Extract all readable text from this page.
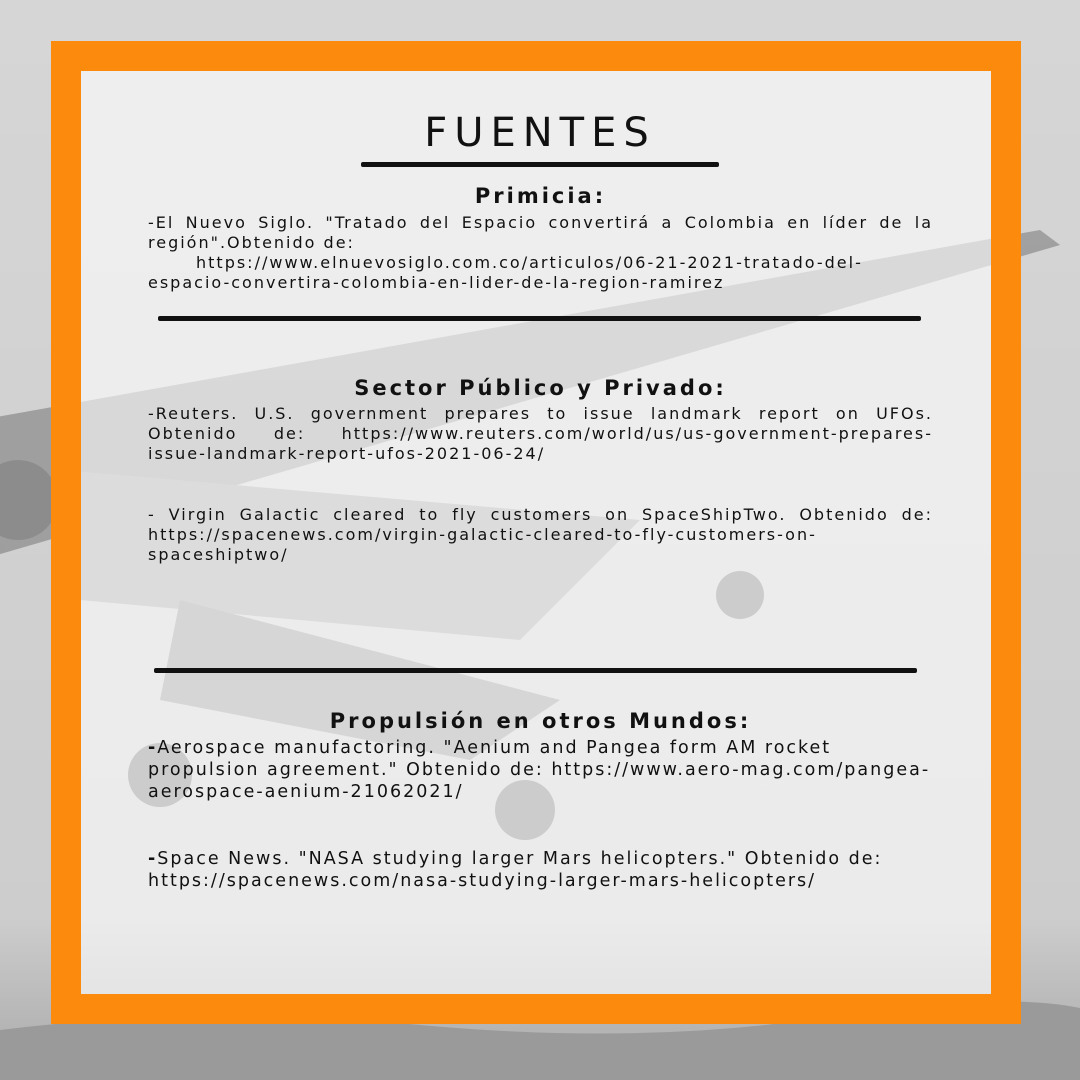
FUENTES
Primicia:

-El Nuevo Siglo. "Tratado del Espacio convertirá a Colombia en líder de la región".Obtenido de:
https://www.elnuevosiglo.com.co/articulos/06-21-2021-tratado-del-espacio-convertira-colombia-en-lider-de-la-region-ramirez

Sector Público y Privado:

-Reuters. U.S. government prepares to issue landmark report on UFOs. Obtenido de: https://www.reuters.com/world/us/us-government-prepares-issue-landmark-report-ufos-2021-06-24/

- Virgin Galactic cleared to fly customers on SpaceShipTwo. Obtenido de: https://spacenews.com/virgin-galactic-cleared-to-fly-customers-on-spaceshiptwo/

Propulsión en otros Mundos:

-Aerospace manufactoring. "Aenium and Pangea form AM rocket propulsion agreement." Obtenido de: https://www.aero-mag.com/pangea-aerospace-aenium-21062021/

-Space News. "NASA studying larger Mars helicopters." Obtenido de: https://spacenews.com/nasa-studying-larger-mars-helicopters/
